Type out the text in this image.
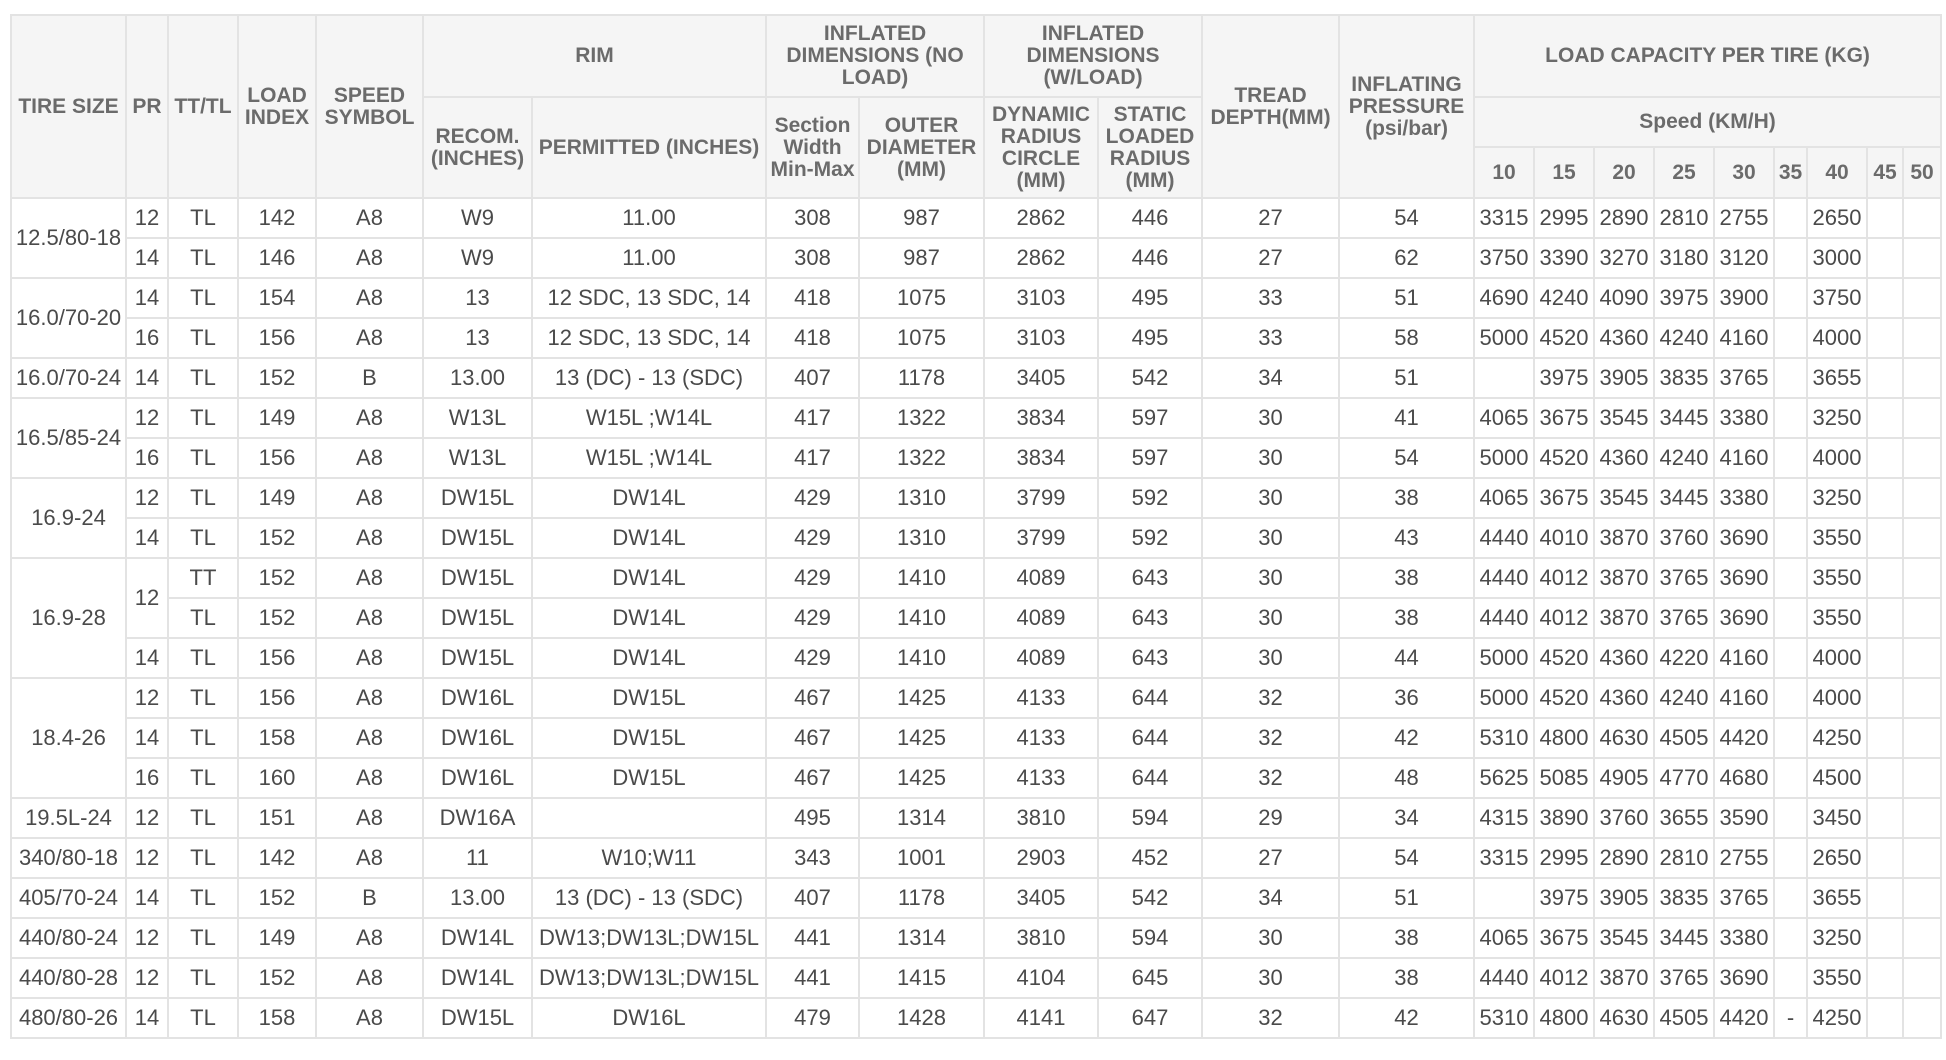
TIRE SIZE	PR	TT/TL	LOAD INDEX	SPEED SYMBOL	RIM		INFLATED DIMENSIONS (NO LOAD)		INFLATED DIMENSIONS (W/LOAD)		TREAD DEPTH(MM)	INFLATING PRESSURE (psi/bar)	LOAD CAPACITY PER TIRE (KG)								
					RECOM. (INCHES)	PERMITTED (INCHES)	Section Width Min-Max	OUTER DIAMETER (MM)	DYNAMIC RADIUS CIRCLE (MM)	STATIC LOADED RADIUS (MM)			Speed (KM/H)								
													10	15	20	25	30	35	40	45	50
12.5/80-18	12	TL	142	A8	W9	11.00	308	987	2862	446	27	54	3315	2995	2890	2810	2755		2650		
	14	TL	146	A8	W9	11.00	308	987	2862	446	27	62	3750	3390	3270	3180	3120		3000		
16.0/70-20	14	TL	154	A8	13	12 SDC, 13 SDC, 14	418	1075	3103	495	33	51	4690	4240	4090	3975	3900		3750		
	16	TL	156	A8	13	12 SDC, 13 SDC, 14	418	1075	3103	495	33	58	5000	4520	4360	4240	4160		4000		
16.0/70-24	14	TL	152	B	13.00	13 (DC) - 13 (SDC)	407	1178	3405	542	34	51		3975	3905	3835	3765		3655		
16.5/85-24	12	TL	149	A8	W13L	W15L ;W14L	417	1322	3834	597	30	41	4065	3675	3545	3445	3380		3250		
	16	TL	156	A8	W13L	W15L ;W14L	417	1322	3834	597	30	54	5000	4520	4360	4240	4160		4000		
16.9-24	12	TL	149	A8	DW15L	DW14L	429	1310	3799	592	30	38	4065	3675	3545	3445	3380		3250		
	14	TL	152	A8	DW15L	DW14L	429	1310	3799	592	30	43	4440	4010	3870	3760	3690		3550		
16.9-28	12	TT	152	A8	DW15L	DW14L	429	1410	4089	643	30	38	4440	4012	3870	3765	3690		3550		
		TL	152	A8	DW15L	DW14L	429	1410	4089	643	30	38	4440	4012	3870	3765	3690		3550		
	14	TL	156	A8	DW15L	DW14L	429	1410	4089	643	30	44	5000	4520	4360	4220	4160		4000		
18.4-26	12	TL	156	A8	DW16L	DW15L	467	1425	4133	644	32	36	5000	4520	4360	4240	4160		4000		
	14	TL	158	A8	DW16L	DW15L	467	1425	4133	644	32	42	5310	4800	4630	4505	4420		4250		
	16	TL	160	A8	DW16L	DW15L	467	1425	4133	644	32	48	5625	5085	4905	4770	4680		4500		
19.5L-24	12	TL	151	A8	DW16A		495	1314	3810	594	29	34	4315	3890	3760	3655	3590		3450		
340/80-18	12	TL	142	A8	11	W10;W11	343	1001	2903	452	27	54	3315	2995	2890	2810	2755		2650		
405/70-24	14	TL	152	B	13.00	13 (DC) - 13 (SDC)	407	1178	3405	542	34	51		3975	3905	3835	3765		3655		
440/80-24	12	TL	149	A8	DW14L	DW13;DW13L;DW15L	441	1314	3810	594	30	38	4065	3675	3545	3445	3380		3250		
440/80-28	12	TL	152	A8	DW14L	DW13;DW13L;DW15L	441	1415	4104	645	30	38	4440	4012	3870	3765	3690		3550		
480/80-26	14	TL	158	A8	DW15L	DW16L	479	1428	4141	647	32	42	5310	4800	4630	4505	4420	-	4250		
